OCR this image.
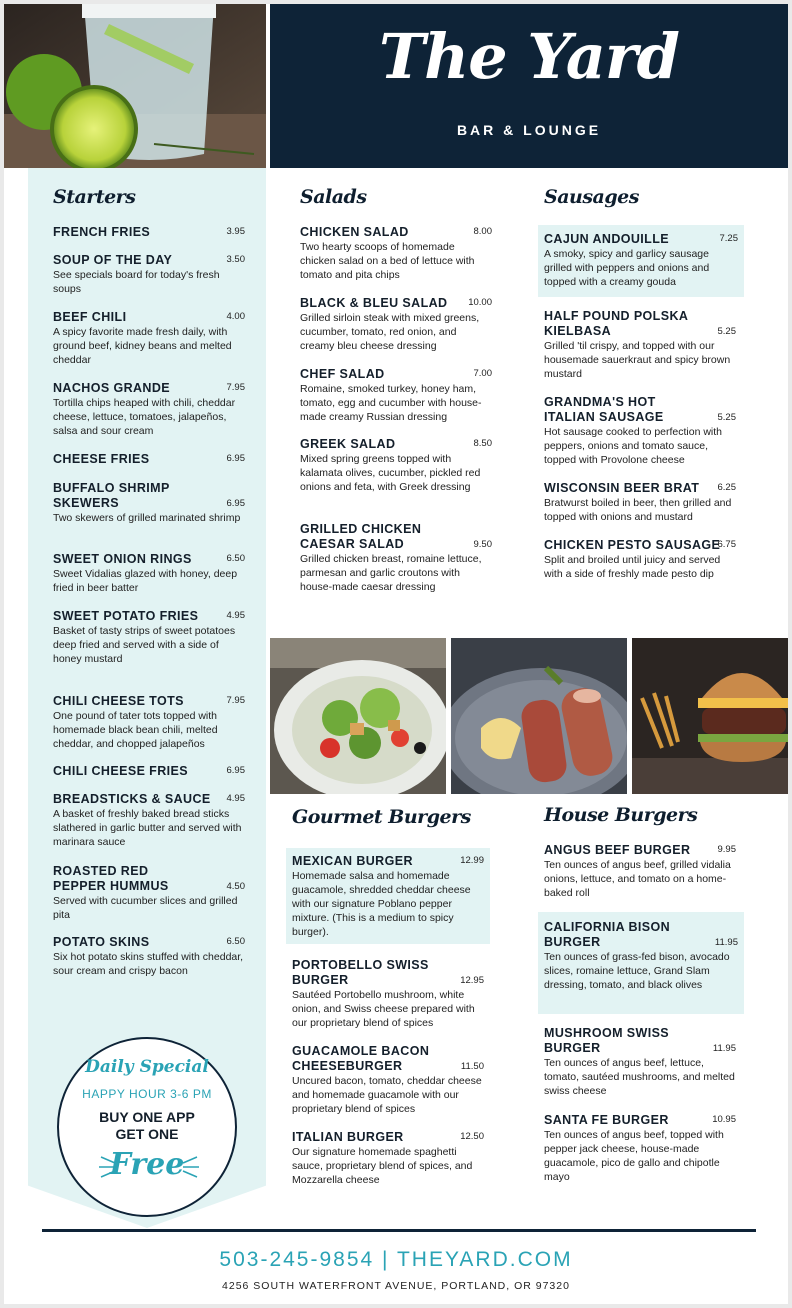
The Yard
BAR & LOUNGE
Starters	Salads	Sausages
Gourmet Burgers	House Burgers
3.95
FRENCH FRIES
3.50
SOUP OF THE DAY
See specials board for today's fresh soups
4.00
BEEF CHILI
A spicy favorite made fresh daily, with ground beef, kidney beans and melted cheddar
7.95
NACHOS GRANDE
Tortilla chips heaped with chili, cheddar cheese, lettuce, tomatoes, jalapeños, salsa and sour cream
6.95
CHEESE FRIES
6.95
BUFFALO SHRIMP SKEWERS
Two skewers of grilled marinated shrimp
6.50
SWEET ONION RINGS
Sweet Vidalias glazed with honey, deep fried in beer batter
4.95
SWEET POTATO FRIES
Basket of tasty strips of sweet potatoes deep fried and served with a side of honey mustard
7.95
CHILI CHEESE TOTS
One pound of tater tots topped with homemade black bean chili, melted cheddar, and chopped jalapeños
6.95
CHILI CHEESE FRIES
4.95
BREADSTICKS & SAUCE
A basket of freshly baked bread sticks slathered in garlic butter and served with marinara sauce
4.50
ROASTED RED PEPPER HUMMUS
Served with cucumber slices and grilled pita
6.50
POTATO SKINS
Six hot potato skins stuffed with cheddar, sour cream and crispy bacon
Daily Special
HAPPY HOUR 3-6 PM
BUY ONE APP
GET ONE
Free
8.00
CHICKEN SALAD
Two hearty scoops of homemade chicken salad on a bed of lettuce with tomato and pita chips
10.00
BLACK & BLEU SALAD
Grilled sirloin steak with mixed greens, cucumber, tomato, red onion, and creamy bleu cheese dressing
7.00
CHEF SALAD
Romaine, smoked turkey, honey ham, tomato, egg and cucumber with house-made creamy Russian dressing
8.50
GREEK SALAD
Mixed spring greens topped with kalamata olives, cucumber, pickled red onions and feta, with Greek dressing
9.50
GRILLED CHICKEN CAESAR SALAD
Grilled chicken breast, romaine lettuce, parmesan and garlic croutons with house-made caesar dressing
7.25
CAJUN ANDOUILLE
A smoky, spicy and garlicy sausage grilled with peppers and onions and topped with a creamy gouda
5.25
HALF POUND POLSKA KIELBASA
Grilled 'til crispy, and topped with our housemade sauerkraut and spicy brown mustard
5.25
GRANDMA'S HOT ITALIAN SAUSAGE
Hot sausage cooked to perfection with peppers, onions and tomato sauce, topped with Provolone cheese
6.25
WISCONSIN BEER BRAT
Bratwurst boiled in beer, then grilled and topped with onions and mustard
6.75
CHICKEN PESTO SAUSAGE
Split and broiled until juicy and served with a side of freshly made pesto dip
12.99
MEXICAN BURGER
Homemade salsa and homemade guacamole, shredded cheddar cheese with our signature Poblano pepper mixture. (This is a medium to spicy burger).
12.95
PORTOBELLO SWISS BURGER
Sautéed Portobello mushroom, white onion, and Swiss cheese prepared with our proprietary blend of spices
11.50
GUACAMOLE BACON CHEESEBURGER
Uncured bacon, tomato, cheddar cheese and homemade guacamole with our proprietary blend of spices
12.50
ITALIAN BURGER
Our signature homemade spaghetti sauce, proprietary blend of spices, and Mozzarella cheese
9.95
ANGUS BEEF BURGER
Ten ounces of angus beef, grilled vidalia onions, lettuce, and tomato on a home-baked roll
11.95
CALIFORNIA BISON BURGER
Ten ounces of grass-fed bison, avocado slices, romaine lettuce, Grand Slam dressing, tomato, and black olives
11.95
MUSHROOM SWISS BURGER
Ten ounces of angus beef, lettuce, tomato, sautéed mushrooms, and melted swiss cheese
10.95
SANTA FE BURGER
Ten ounces of angus beef, topped with pepper jack cheese, house-made guacamole, pico de gallo and chipotle mayo
503-245-9854 | THEYARD.COM
4256 SOUTH WATERFRONT AVENUE, PORTLAND, OR 97320
